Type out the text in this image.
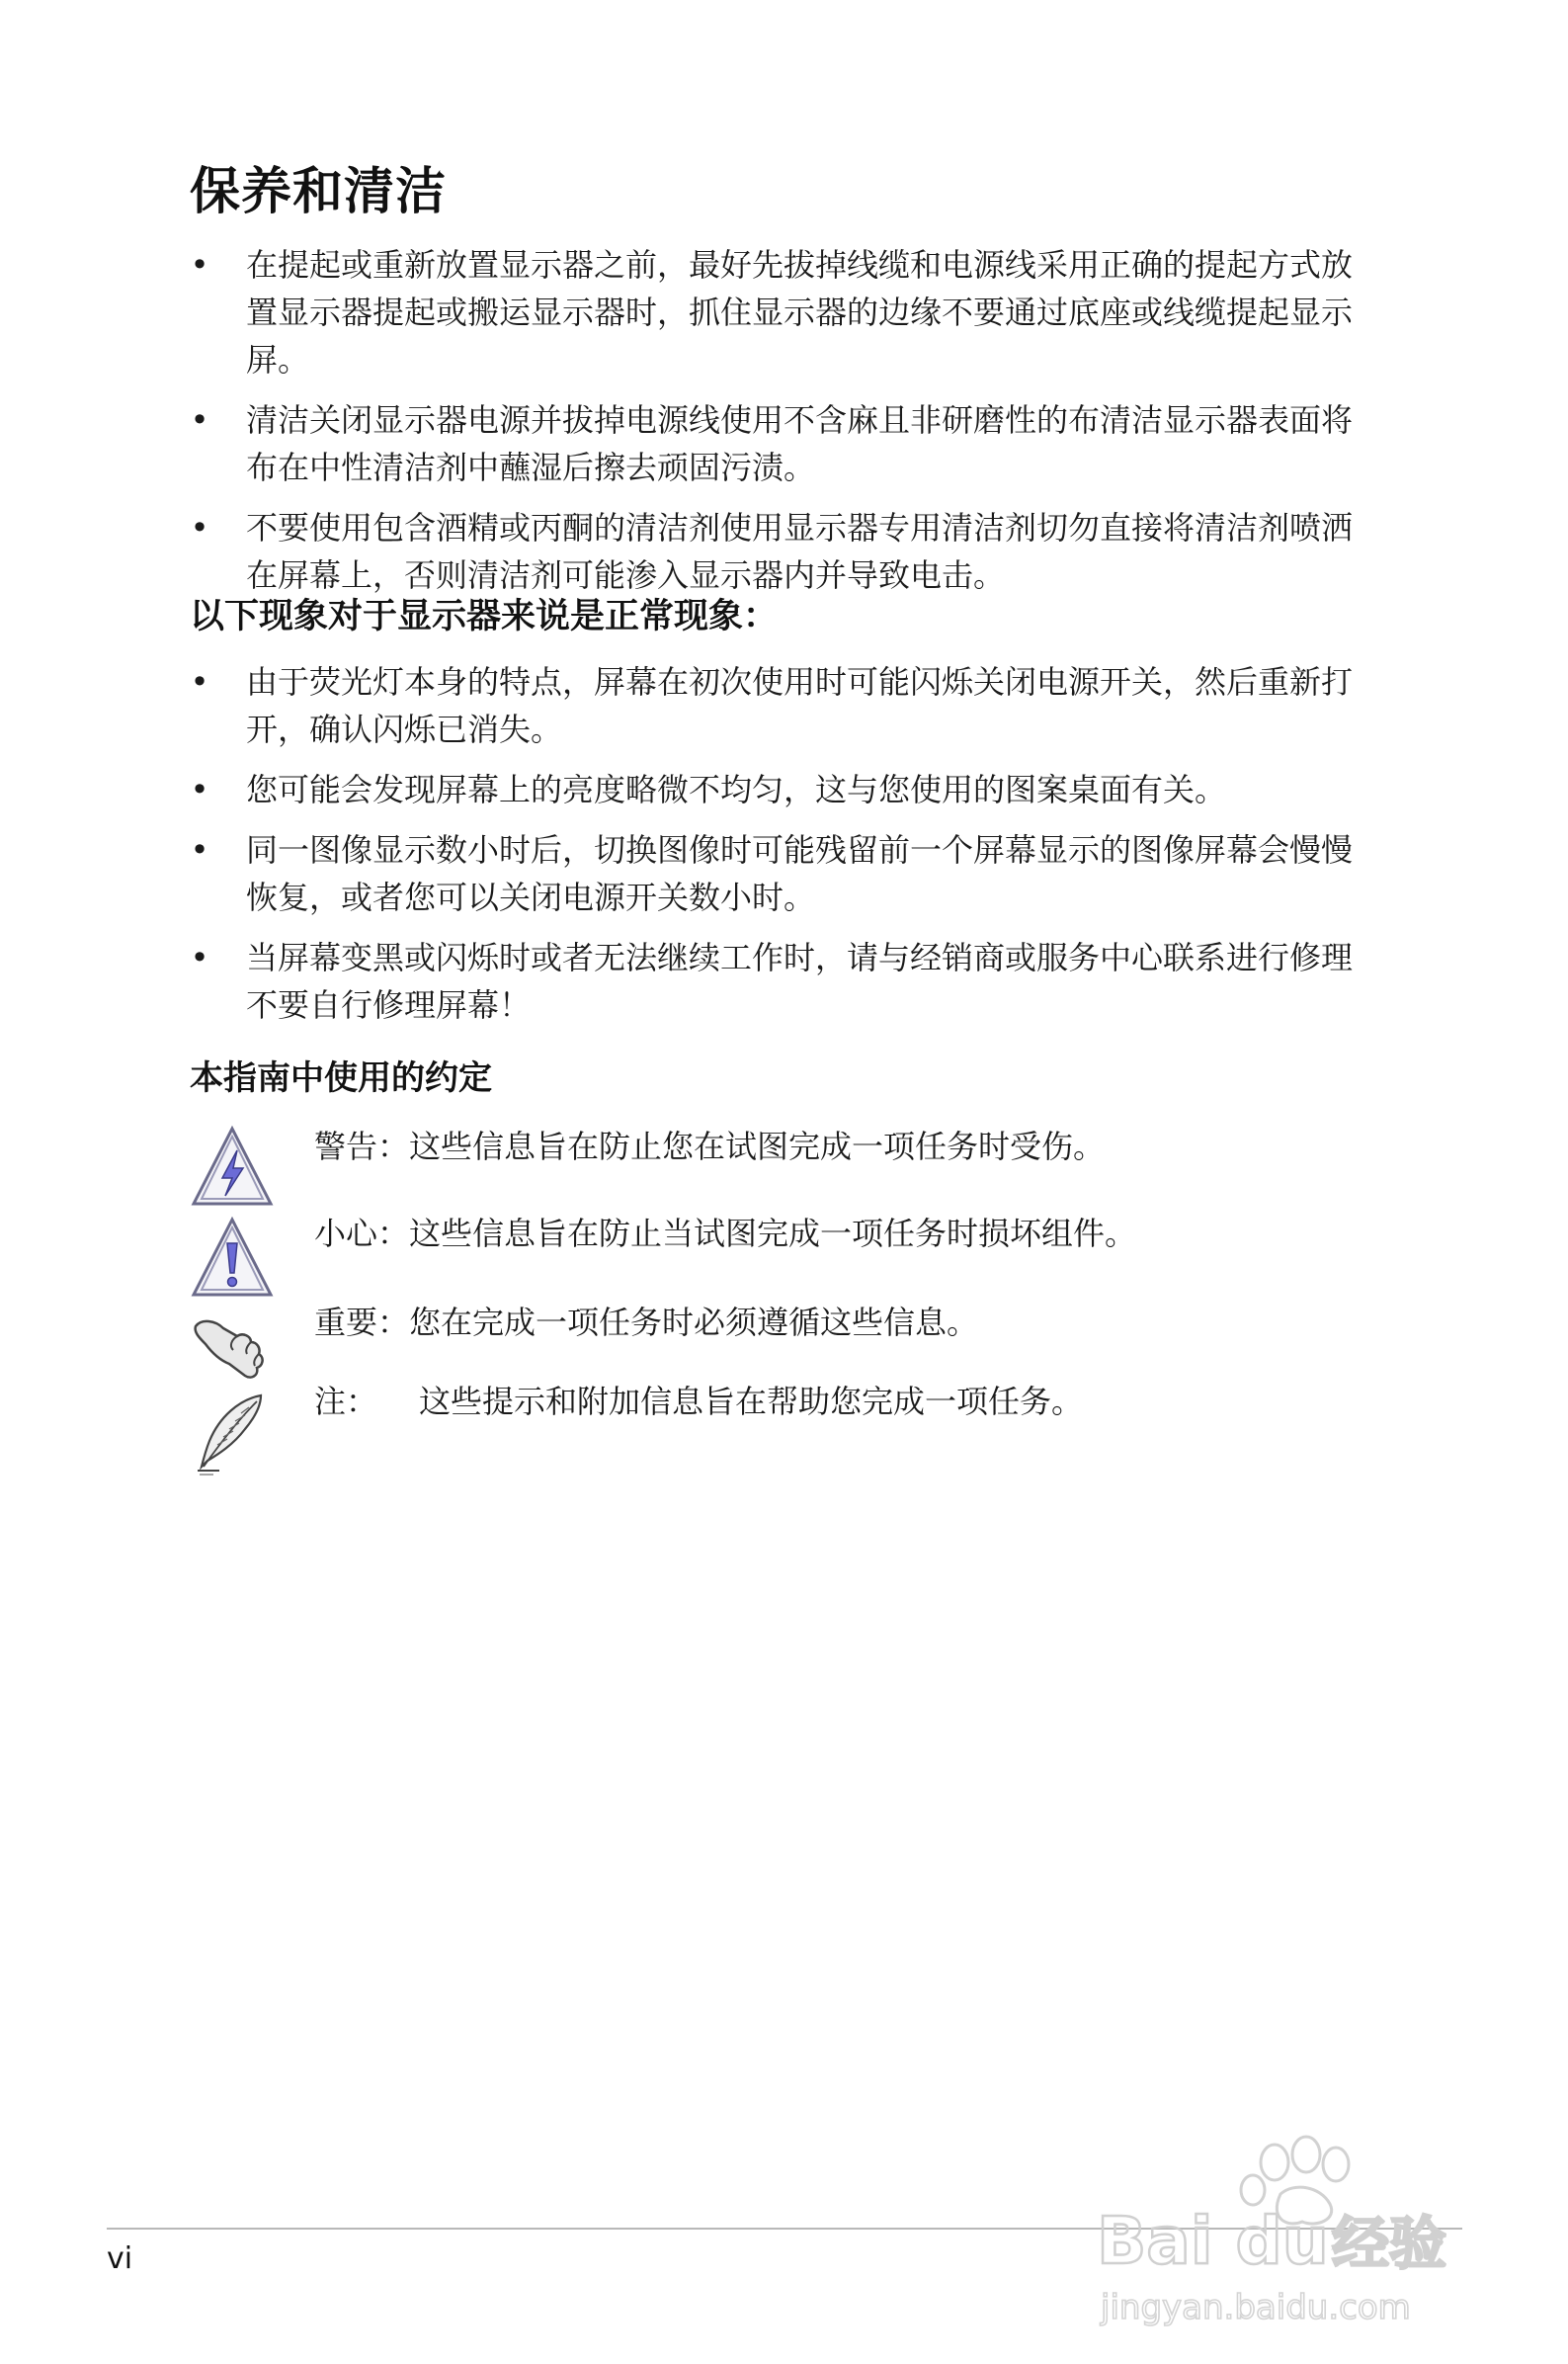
保养和清洁
• 在提起或重新放置显示器之前，最好先拔掉线缆和电源线采用正确的提起方式放置显示器提起或搬运显示器时，抓住显示器的边缘不要通过底座或线缆提起显示屏。
• 清洁关闭显示器电源并拔掉电源线使用不含麻且非研磨性的布清洁显示器表面将布在中性清洁剂中蘸湿后擦去顽固污渍。
• 不要使用包含酒精或丙酮的清洁剂使用显示器专用清洁剂切勿直接将清洁剂喷洒在屏幕上，否则清洁剂可能渗入显示器内并导致电击。
以下现象对于显示器来说是正常现象：
• 由于荧光灯本身的特点，屏幕在初次使用时可能闪烁关闭电源开关，然后重新打开，确认闪烁已消失。
• 您可能会发现屏幕上的亮度略微不均匀，这与您使用的图案桌面有关。
• 同一图像显示数小时后，切换图像时可能残留前一个屏幕显示的图像屏幕会慢慢恢复，或者您可以关闭电源开关数小时。
• 当屏幕变黑或闪烁时或者无法继续工作时，请与经销商或服务中心联系进行修理不要自行修理屏幕！
本指南中使用的约定
警告：这些信息旨在防止您在试图完成一项任务时受伤。
小心：这些信息旨在防止当试图完成一项任务时损坏组件。
重要：您在完成一项任务时必须遵循这些信息。
注： 这些提示和附加信息旨在帮助您完成一项任务。
vi	Bai du 经验
jingyan.baidu.com
